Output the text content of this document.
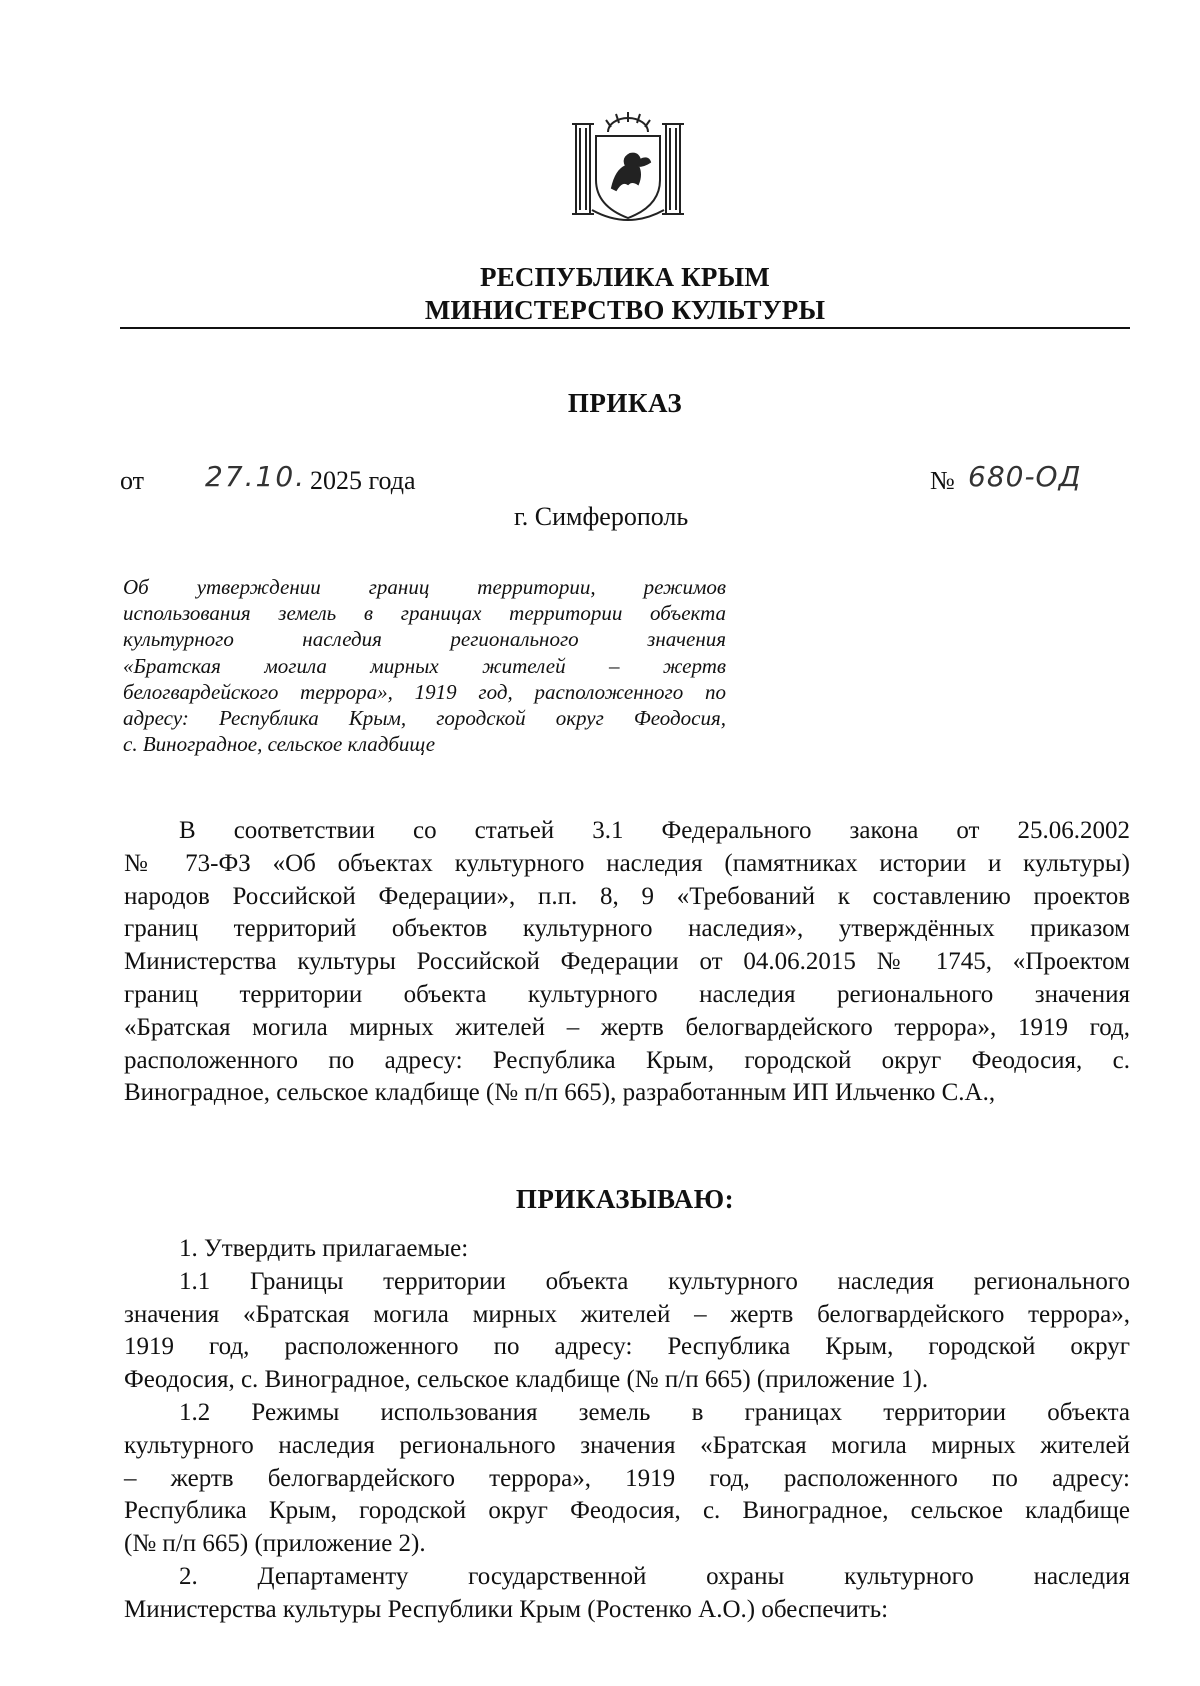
РЕСПУБЛИКА КРЫМ
МИНИСТЕРСТВО КУЛЬТУРЫ
ПРИКАЗ
от 27.10. 2025 года	№ 680-ОД
г. Симферополь
Об утверждении границ территории, режимов
использования земель в границах территории объекта
культурного наследия регионального значения
«Братская могила мирных жителей – жертв
белогвардейского террора», 1919 год, расположенного по
адресу: Республика Крым, городской округ Феодосия,
с. Виноградное, сельское кладбище
В соответствии со статьей 3.1 Федерального закона от 25.06.2002
№ 73-ФЗ «Об объектах культурного наследия (памятниках истории и культуры)
народов Российской Федерации», п.п. 8, 9 «Требований к составлению проектов
границ территорий объектов культурного наследия», утверждённых приказом
Министерства культуры Российской Федерации от 04.06.2015 № 1745, «Проектом
границ территории объекта культурного наследия регионального значения
«Братская могила мирных жителей – жертв белогвардейского террора», 1919 год,
расположенного по адресу: Республика Крым, городской округ Феодосия, с.
Виноградное, сельское кладбище (№ п/п 665), разработанным ИП Ильченко С.А.,
ПРИКАЗЫВАЮ:
1. Утвердить прилагаемые:
1.1 Границы территории объекта культурного наследия регионального
значения «Братская могила мирных жителей – жертв белогвардейского террора»,
1919 год, расположенного по адресу: Республика Крым, городской округ
Феодосия, с. Виноградное, сельское кладбище (№ п/п 665) (приложение 1).
1.2 Режимы использования земель в границах территории объекта
культурного наследия регионального значения «Братская могила мирных жителей
– жертв белогвардейского террора», 1919 год, расположенного по адресу:
Республика Крым, городской округ Феодосия, с. Виноградное, сельское кладбище
(№ п/п 665) (приложение 2).
2. Департаменту государственной охраны культурного наследия
Министерства культуры Республики Крым (Ростенко А.О.) обеспечить:
